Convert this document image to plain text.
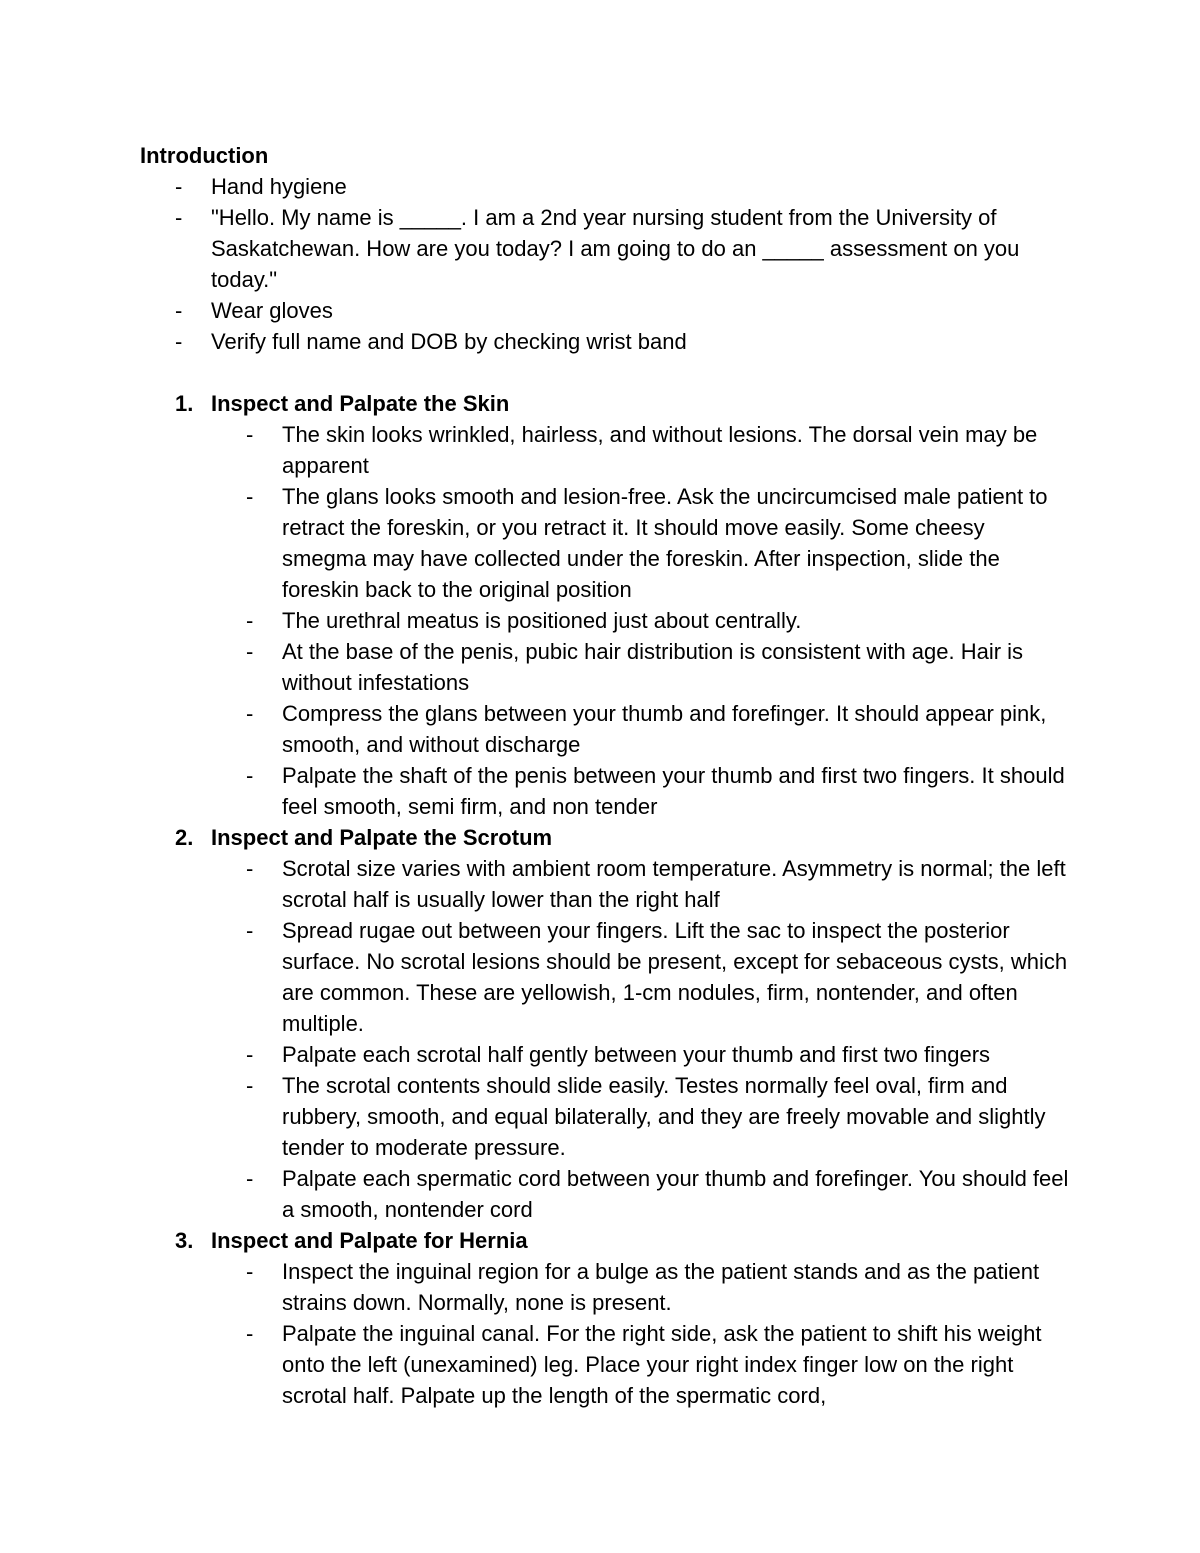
Introduction
- Hand hygiene
- "Hello. My name is _____. I am a 2nd year nursing student from the University of Saskatchewan. How are you today? I am going to do an _____ assessment on you today."
- Wear gloves
- Verify full name and DOB by checking wrist band
1. Inspect and Palpate the Skin
- The skin looks wrinkled, hairless, and without lesions. The dorsal vein may be apparent
- The glans looks smooth and lesion-free. Ask the uncircumcised male patient to retract the foreskin, or you retract it. It should move easily. Some cheesy smegma may have collected under the foreskin. After inspection, slide the foreskin back to the original position
- The urethral meatus is positioned just about centrally.
- At the base of the penis, pubic hair distribution is consistent with age. Hair is without infestations
- Compress the glans between your thumb and forefinger. It should appear pink, smooth, and without discharge
- Palpate the shaft of the penis between your thumb and first two fingers. It should feel smooth, semi firm, and non tender
2. Inspect and Palpate the Scrotum
- Scrotal size varies with ambient room temperature. Asymmetry is normal; the left scrotal half is usually lower than the right half
- Spread rugae out between your fingers. Lift the sac to inspect the posterior surface. No scrotal lesions should be present, except for sebaceous cysts, which are common. These are yellowish, 1-cm nodules, firm, nontender, and often multiple.
- Palpate each scrotal half gently between your thumb and first two fingers
- The scrotal contents should slide easily. Testes normally feel oval, firm and rubbery, smooth, and equal bilaterally, and they are freely movable and slightly tender to moderate pressure.
- Palpate each spermatic cord between your thumb and forefinger. You should feel a smooth, nontender cord
3. Inspect and Palpate for Hernia
- Inspect the inguinal region for a bulge as the patient stands and as the patient strains down. Normally, none is present.
- Palpate the inguinal canal. For the right side, ask the patient to shift his weight onto the left (unexamined) leg. Place your right index finger low on the right scrotal half. Palpate up the length of the spermatic cord,
